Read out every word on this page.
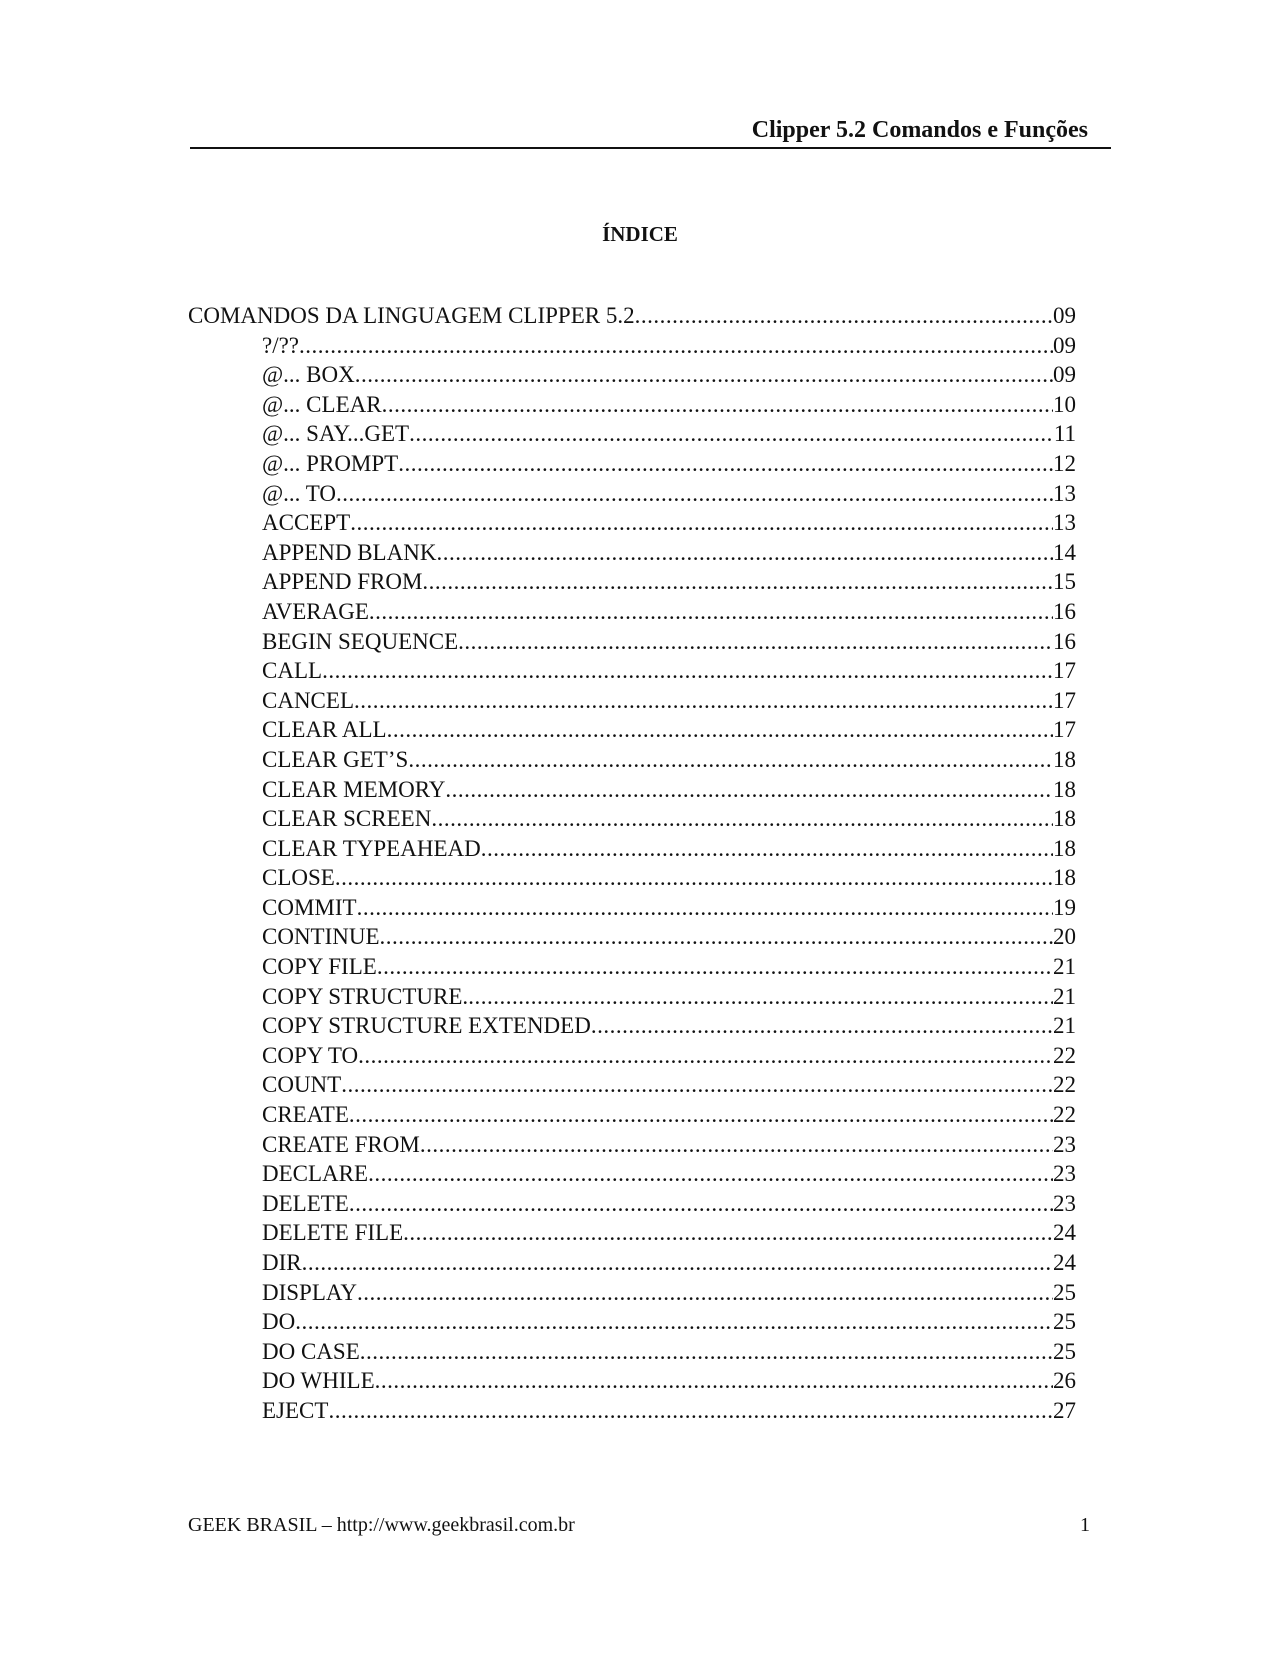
Clipper 5.2 Comandos e Funções
ÍNDICE
COMANDOS DA LINGUAGEM CLIPPER 5.2 .....	09
?/?? .....	09
@... BOX .....	09
@... CLEAR .....	10
@... SAY...GET .....	11
@... PROMPT .....	12
@... TO .....	13
ACCEPT .....	13
APPEND BLANK .....	14
APPEND FROM .....	15
AVERAGE .....	16
BEGIN SEQUENCE .....	16
CALL .....	17
CANCEL .....	17
CLEAR ALL .....	17
CLEAR GET’S .....	18
CLEAR MEMORY .....	18
CLEAR SCREEN .....	18
CLEAR TYPEAHEAD .....	18
CLOSE .....	18
COMMIT .....	19
CONTINUE .....	20
COPY FILE .....	21
COPY STRUCTURE. .....	21
COPY STRUCTURE EXTENDED .....	21
COPY TO .....	22
COUNT .....	22
CREATE .....	22
CREATE FROM .....	23
DECLARE .....	23
DELETE .....	23
DELETE FILE .....	24
DIR .....	24
DISPLAY .....	25
DO .....	25
DO CASE .....	25
DO WHILE .....	26
EJECT .....	27
GEEK BRASIL – http://www.geekbrasil.com.br	1
